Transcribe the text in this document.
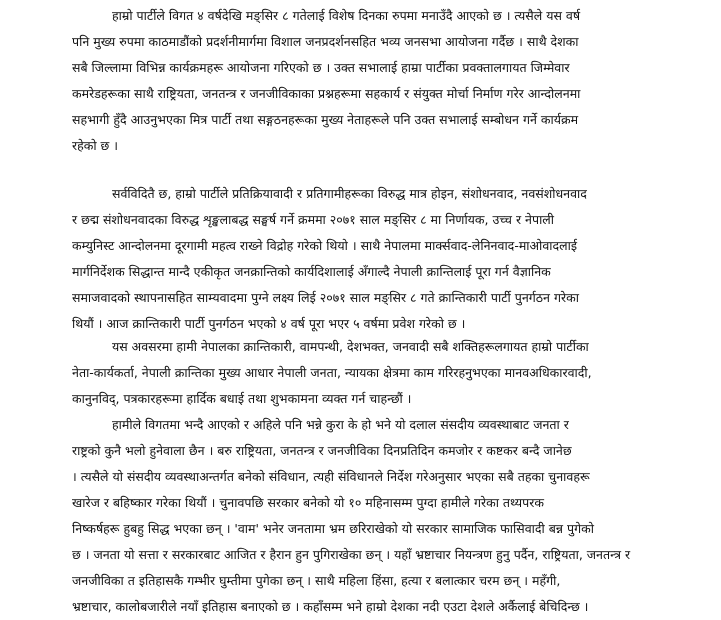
हाम्रो पार्टीले विगत ४ वर्षदेखि मङ्सिर ८ गतेलाई विशेष दिनका रुपमा मनाउँदै आएको छ । त्यसैले यस वर्ष
पनि मुख्य रुपमा काठमाडौंको प्रदर्शनीमार्गमा विशाल जनप्रदर्शनसहित भव्य जनसभा आयोजना गर्दैछ । साथै देशका
सबै जिल्लामा विभिन्न कार्यक्रमहरू आयोजना गरिएको छ । उक्त सभालाई हाम्रा पार्टीका प्रवक्तालगायत जिम्मेवार
कमरेडहरूका साथै राष्ट्रियता, जनतन्त्र र जनजीविकाका प्रश्नहरूमा सहकार्य र संयुक्त मोर्चा निर्माण गरेर आन्दोलनमा
सहभागी हुँदै आउनुभएका मित्र पार्टी तथा सङ्गठनहरूका मुख्य नेताहरूले पनि उक्त सभालाई सम्बोधन गर्ने कार्यक्रम
रहेको छ ।
सर्वविदितै छ, हाम्रो पार्टीले प्रतिक्रियावादी र प्रतिगामीहरूका विरुद्ध मात्र होइन, संशोधनवाद, नवसंशोधनवाद
र छद्म संशोधनवादका विरुद्ध शृङ्खलाबद्ध सङ्घर्ष गर्ने क्रममा २०७१ साल मङ्सिर ८ मा निर्णायक, उच्च र नेपाली
कम्युनिस्ट आन्दोलनमा दूरगामी महत्व राख्ने विद्रोह गरेको थियो । साथै नेपालमा मार्क्सवाद-लेनिनवाद-माओवादलाई
मार्गनिर्देशक सिद्धान्त मान्दै एकीकृत जनक्रान्तिको कार्यदिशालाई अँगाल्दै नेपाली क्रान्तिलाई पूरा गर्न वैज्ञानिक
समाजवादको स्थापनासहित साम्यवादमा पुग्ने लक्ष्य लिई २०७१ साल मङ्सिर ८ गते क्रान्तिकारी पार्टी पुनर्गठन गरेका
थियौं । आज क्रान्तिकारी पार्टी पुनर्गठन भएको ४ वर्ष पूरा भएर ५ वर्षमा प्रवेश गरेको छ ।
यस अवसरमा हामी नेपालका क्रान्तिकारी, वामपन्थी, देशभक्त, जनवादी सबै शक्तिहरूलगायत हाम्रो पार्टीका
नेता-कार्यकर्ता, नेपाली क्रान्तिका मुख्य आधार नेपाली जनता, न्यायका क्षेत्रमा काम गरिरहनुभएका मानवअधिकारवादी,
कानुनविद्, पत्रकारहरूमा हार्दिक बधाई तथा शुभकामना व्यक्त गर्न चाहन्छौं ।
हामीले विगतमा भन्दै आएको र अहिले पनि भन्ने कुरा के हो भने यो दलाल संसदीय व्यवस्थाबाट जनता र
राष्ट्रको कुनै भलो हुनेवाला छैन । बरु राष्ट्रियता, जनतन्त्र र जनजीविका दिनप्रतिदिन कमजोर र कष्टकर बन्दै जानेछ
। त्यसैले यो संसदीय व्यवस्थाअन्तर्गत बनेको संविधान, त्यही संविधानले निर्देश गरेअनुसार भएका सबै तहका चुनावहरू
खारेज र बहिष्कार गरेका थियौं । चुनावपछि सरकार बनेको यो १० महिनासम्म पुग्दा हामीले गरेका तथ्यपरक
निष्कर्षहरू हुबहु सिद्ध भएका छन् । 'वाम' भनेर जनतामा भ्रम छरिराखेको यो सरकार सामाजिक फासिवादी बन्न पुगेको
छ । जनता यो सत्ता र सरकारबाट आजित र हैरान हुन पुगिराखेका छन् । यहाँ भ्रष्टाचार नियन्त्रण हुनु पर्दैन, राष्ट्रियता, जनतन्त्र र
जनजीविका त इतिहासकै गम्भीर घुम्तीमा पुगेका छन् । साथै महिला हिंसा, हत्या र बलात्कार चरम छन् । महँगी,
भ्रष्टाचार, कालोबजारीले नयाँ इतिहास बनाएको छ । कहाँसम्म भने हाम्रो देशका नदी एउटा देशले अर्कैलाई बेचिदिन्छ ।
